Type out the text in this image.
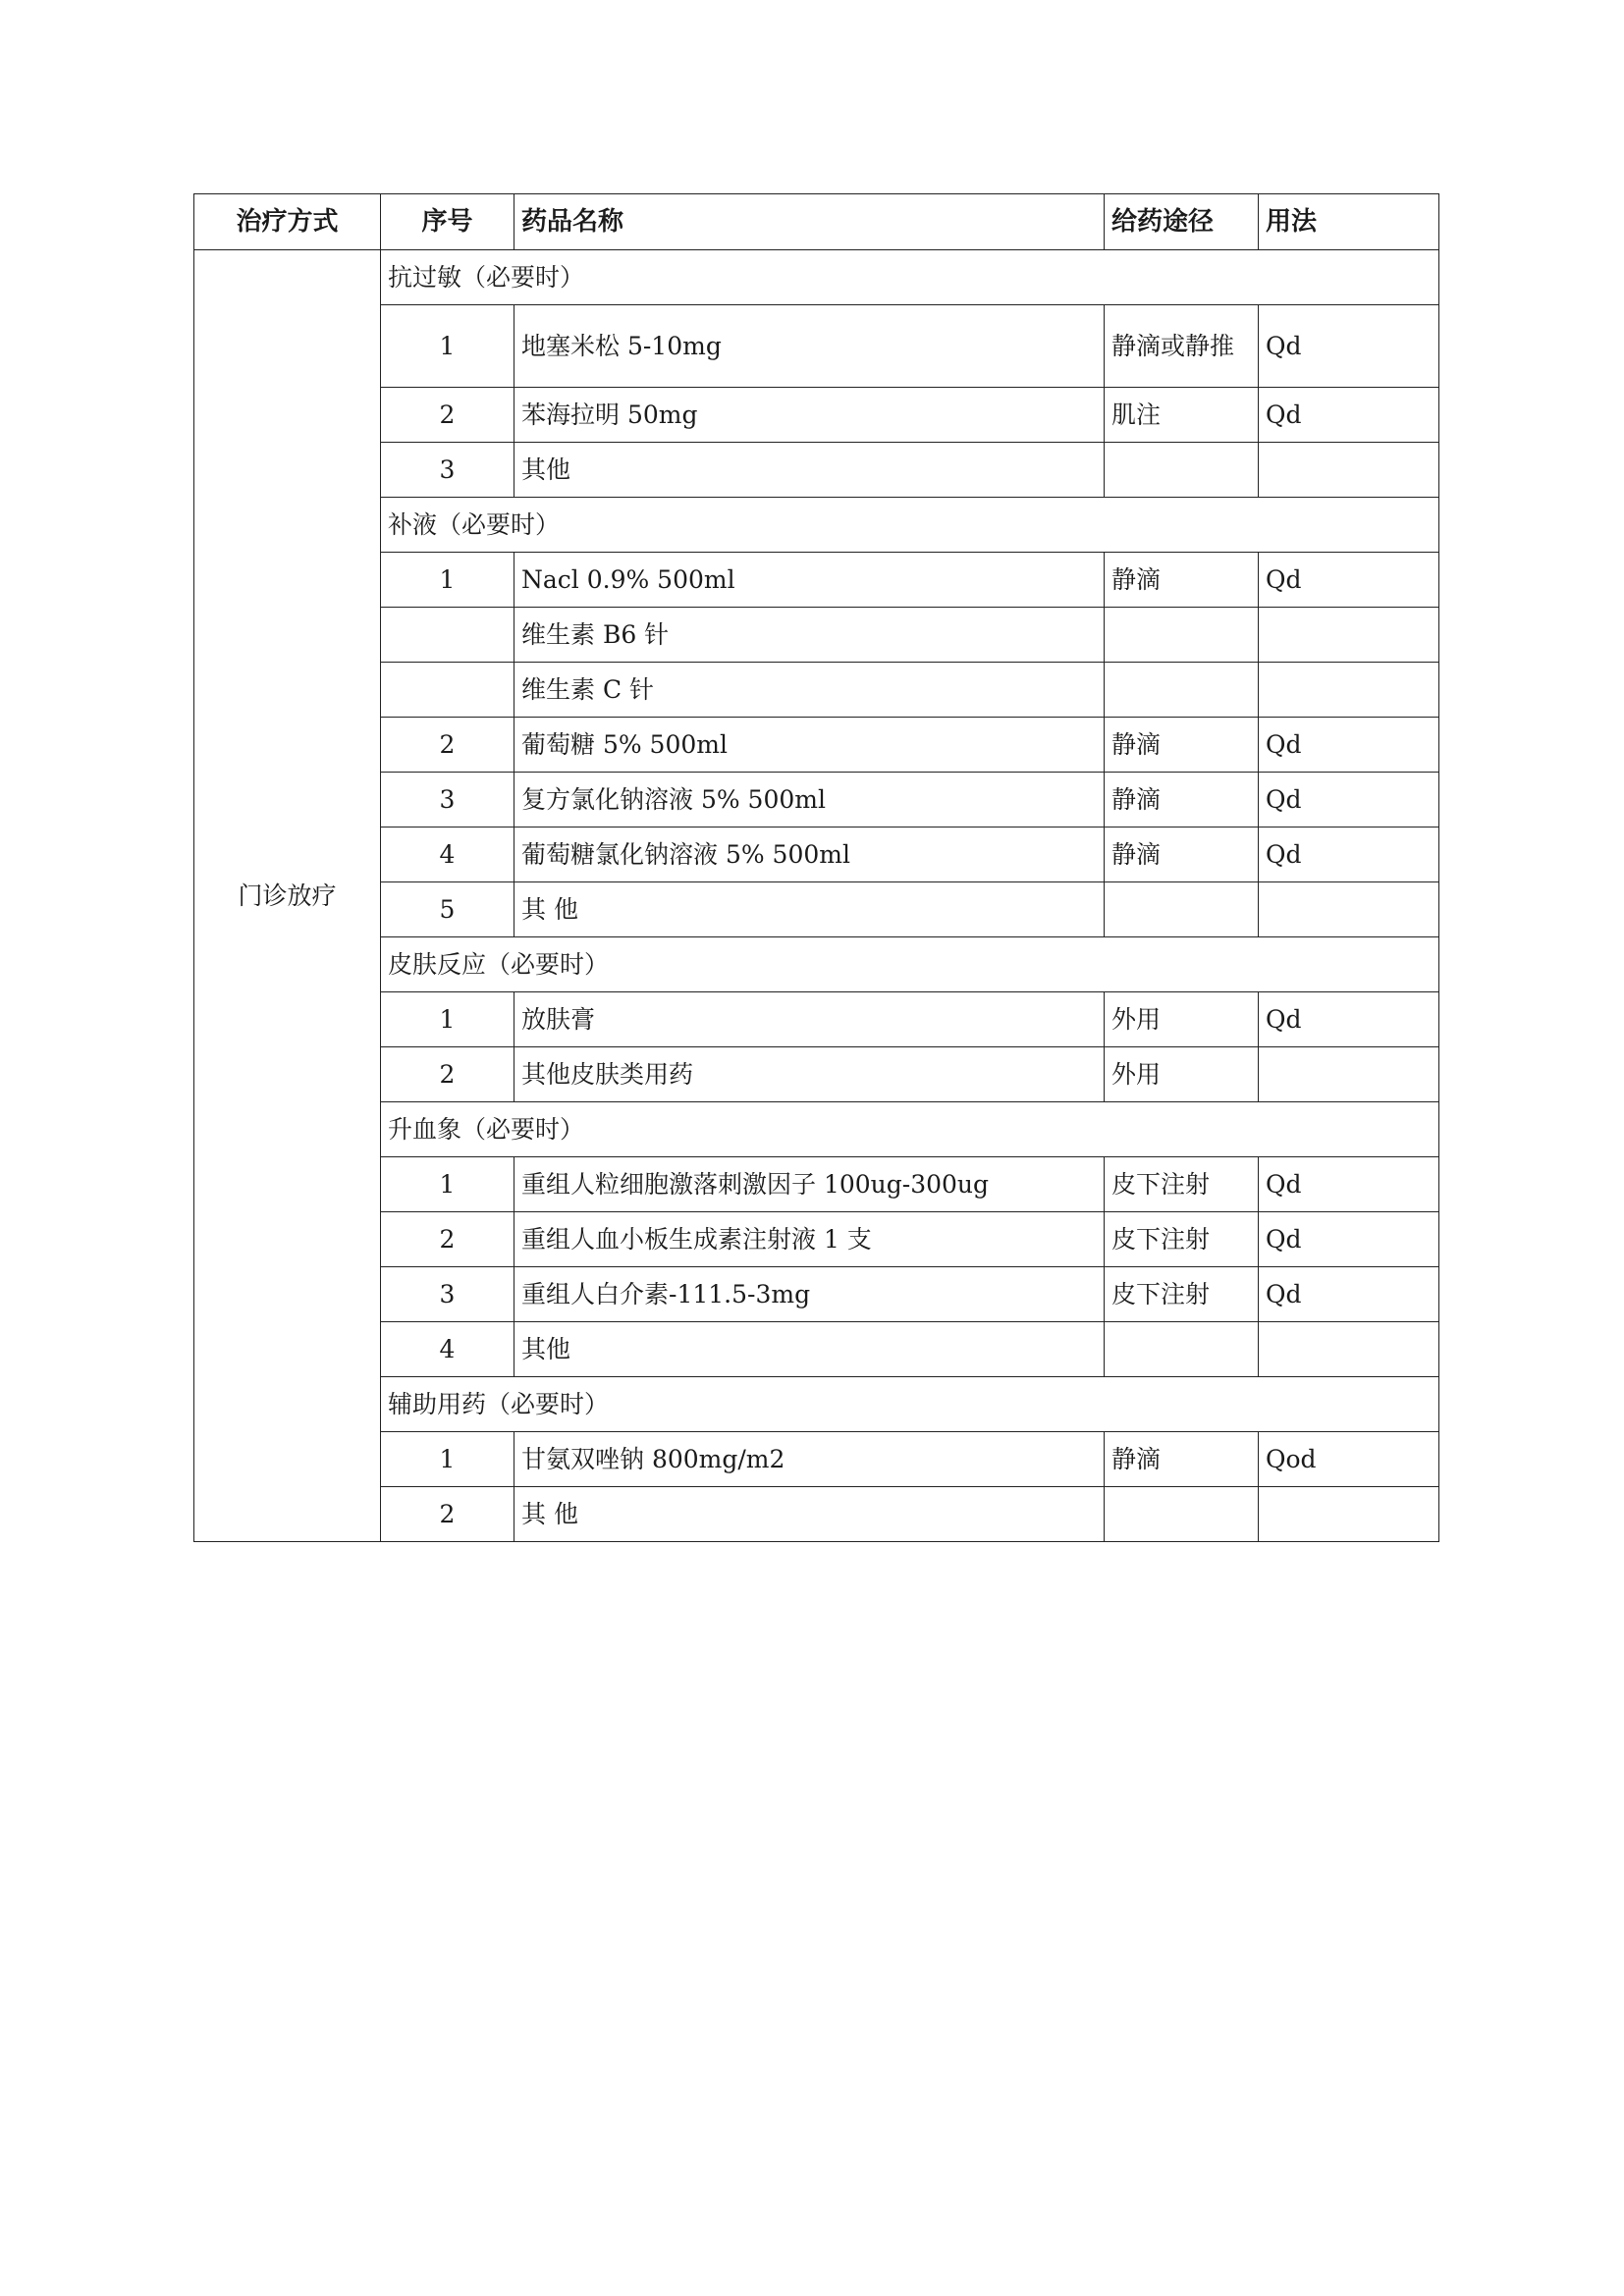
治疗方式	序号	药品名称	给药途径	用法
门诊放疗	抗过敏（必要时）			
	1	地塞米松 5-10mg	静滴或静推	Qd
	2	苯海拉明 50mg	肌注	Qd
	3	其他		
	补液（必要时）			
	1	Nacl 0.9% 500ml	静滴	Qd
		维生素 B6 针		
		维生素 C 针		
	2	葡萄糖 5% 500ml	静滴	Qd
	3	复方氯化钠溶液 5% 500ml	静滴	Qd
	4	葡萄糖氯化钠溶液 5% 500ml	静滴	Qd
	5	其 他		
	皮肤反应（必要时）			
	1	放肤膏	外用	Qd
	2	其他皮肤类用药	外用	
	升血象（必要时）			
	1	重组人粒细胞激落刺激因子 100ug-300ug	皮下注射	Qd
	2	重组人血小板生成素注射液 1 支	皮下注射	Qd
	3	重组人白介素-111.5-3mg	皮下注射	Qd
	4	其他		
	辅助用药（必要时）			
	1	甘氨双唑钠 800mg/m2	静滴	Qod
	2	其 他		
